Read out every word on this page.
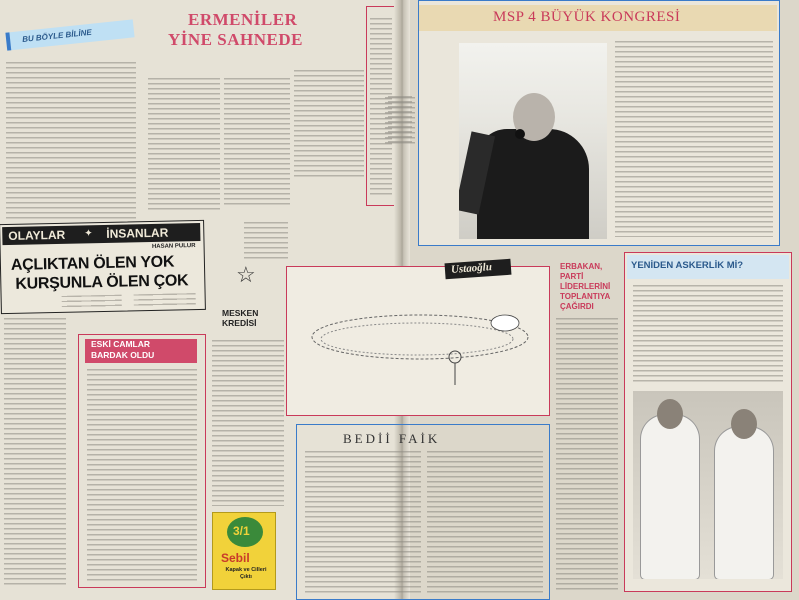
BU BÖYLE BİLİNE
ERMENİLER
YİNE SAHNEDE
OLAYLAR ✦ İNSANLAR
HASAN PULUR
AÇLIKTAN ÖLEN YOK
KURŞUNLA ÖLEN ÇOK
ESKİ CAMLAR
BARDAK OLDU
☆
MESKEN
KREDİSİ
3/1
Sebil
Kapak ve Cilleri Çıktı
MSP 4 BÜYÜK KONGRESİ
Ustaoğlu	ERBAKAN,
PARTİ
LİDERLERİNİ
TOPLANTIYA
ÇAĞIRDI
YENİDEN ASKERLİK Mİ?
BEDİİ FAİK
